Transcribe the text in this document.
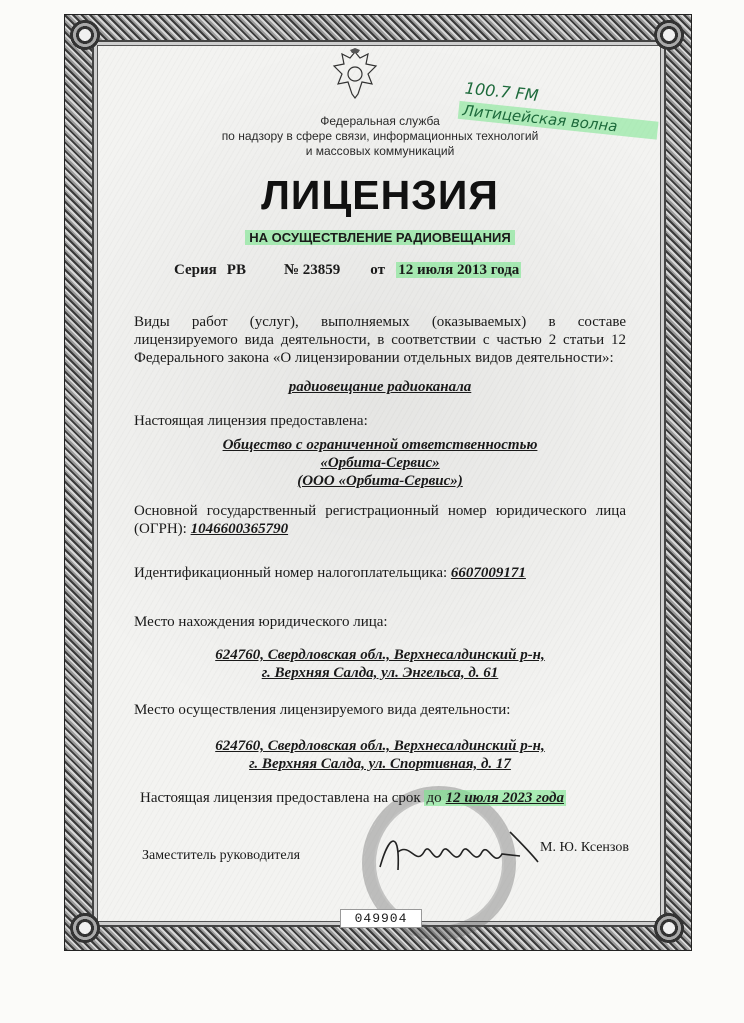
100.7 FM
Литицейская волна
Федеральная служба
по надзору в сфере связи, информационных технологий
и массовых коммуникаций
ЛИЦЕНЗИЯ
НА ОСУЩЕСТВЛЕНИЕ РАДИОВЕЩАНИЯ
Серия РВ	№ 23859 от 12 июля 2013 года
Виды работ (услуг), выполняемых (оказываемых) в составе
лицензируемого вида деятельности, в соответствии с частью 2 статьи 12
Федерального закона «О лицензировании отдельных видов деятельности»:
радиовещание радиоканала
Настоящая лицензия предоставлена:
Общество с ограниченной ответственностью
«Орбита-Сервис»
(ООО «Орбита-Сервис»)
Основной государственный регистрационный номер юридического лица
(ОГРН): 1046600365790
Идентификационный номер налогоплательщика: 6607009171
Место нахождения юридического лица:
624760, Свердловская обл., Верхнесалдинский р-н,
г. Верхняя Салда, ул. Энгельса, д. 61
Место осуществления лицензируемого вида деятельности:
624760, Свердловская обл., Верхнесалдинский р-н,
г. Верхняя Салда, ул. Спортивная, д. 17
Настоящая лицензия предоставлена на срок до 12 июля 2023 года
Заместитель руководителя
М. Ю. Ксензов
049904
